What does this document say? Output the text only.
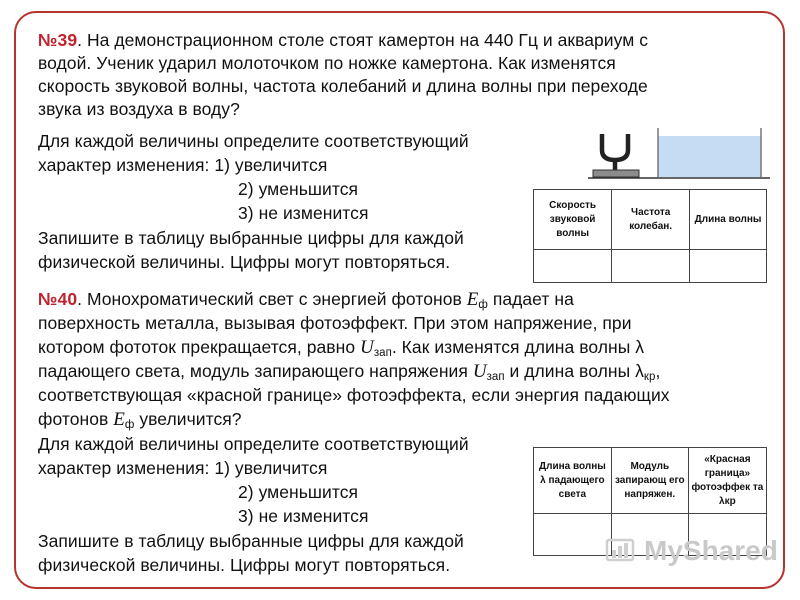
№39. На демонстрационном столе стоят камертон на 440 Гц и аквариум с
водой. Ученик ударил молоточком по ножке камертона. Как изменятся
скорость звуковой волны, частота колебаний и длина волны при переходе
звука из воздуха в воду?
Для каждой величины определите соответствующий
характер изменения: 1) увеличится
2) уменьшится
3) не изменится
Запишите в таблицу выбранные цифры для каждой
физической величины. Цифры могут повторяться.
Скорость звуковой волны	Частота колебан.	Длина волны

№40. Монохроматический свет с энергией фотонов $E_ф$ падает на
поверхность металла, вызывая фотоэффект. При этом напряжение, при
котором фототок прекращается, равно $U_{зап}$. Как изменятся длина волны λ
падающего света, модуль запирающего напряжения $U_{зап}$ и длина волны $\lambda_{кр}$,
соответствующая «красной границе» фотоэффекта, если энергия падающих
фотонов $E_ф$ увеличится?
Для каждой величины определите соответствующий
характер изменения: 1) увеличится
2) уменьшится
3) не изменится
Запишите в таблицу выбранные цифры для каждой
физической величины. Цифры могут повторяться.
Длина волны λ падающего света	Модуль запирающ его напряжен.	«Красная граница» фотоэффек та λкр

MyShared
